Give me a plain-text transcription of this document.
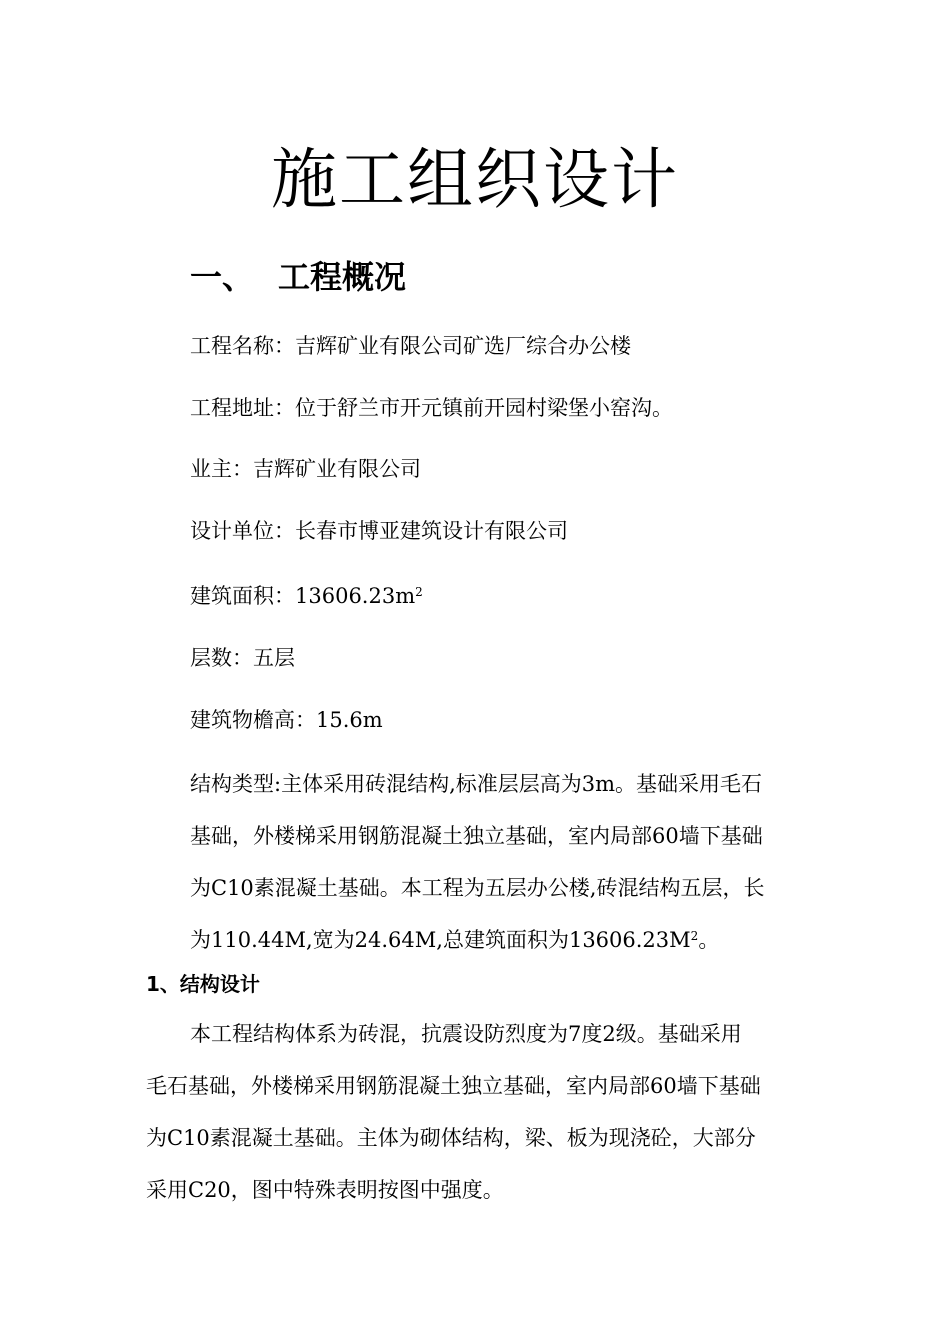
施工组织设计
一、 工程概况
工程名称：吉辉矿业有限公司矿选厂综合办公楼
工程地址：位于舒兰市开元镇前开园村梁堡小窑沟。
业主：吉辉矿业有限公司
设计单位：长春市博亚建筑设计有限公司
建筑面积：$13606.23m^2$
层数：五层
建筑物檐高：15.6m
结构类型:主体采用砖混结构,标准层层高为3m。基础采用毛石
基础，外楼梯采用钢筋混凝土独立基础，室内局部60墙下基础
为C10素混凝土基础。本工程为五层办公楼,砖混结构五层，长
为110.44M,宽为24.64M,总建筑面积为$13606.23M^2$。
1、结构设计
本工程结构体系为砖混，抗震设防烈度为7度2级。基础采用
毛石基础，外楼梯采用钢筋混凝土独立基础，室内局部60墙下基础
为C10素混凝土基础。主体为砌体结构，梁、板为现浇砼，大部分
采用C20，图中特殊表明按图中强度。
